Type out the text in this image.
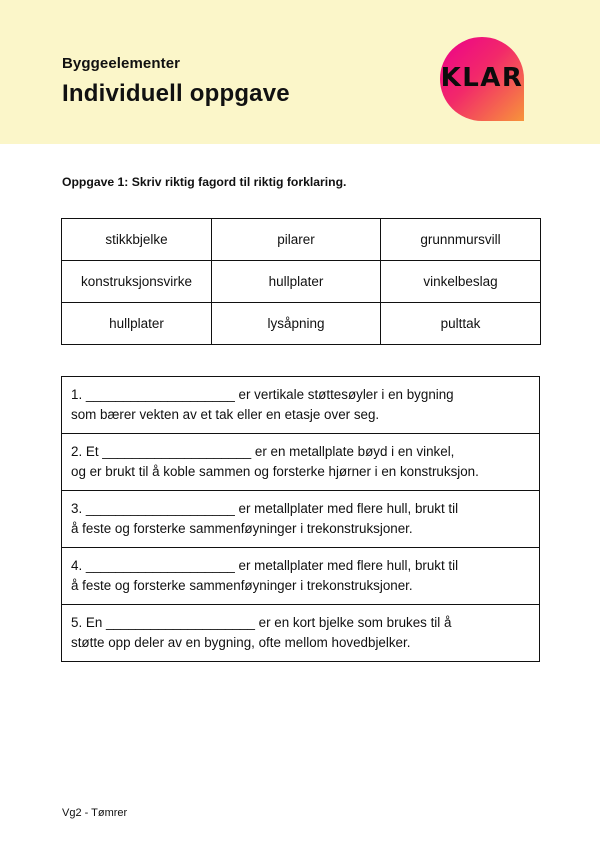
Byggeelementer
Individuell oppgave
KLAR
Oppgave 1: Skriv riktig fagord til riktig forklaring.
stikkbjelke	pilarer	grunnmursvill
konstruksjonsvirke	hullplater	vinkelbeslag
hullplater	lysåpning	pulttak
1. ____________________ er vertikale støttesøyler i en bygning
som bærer vekten av et tak eller en etasje over seg.

2. Et ____________________ er en metallplate bøyd i en vinkel,
og er brukt til å koble sammen og forsterke hjørner i en konstruksjon.

3. ____________________ er metallplater med flere hull, brukt til
å feste og forsterke sammenføyninger i trekonstruksjoner.

4. ____________________ er metallplater med flere hull, brukt til
å feste og forsterke sammenføyninger i trekonstruksjoner.

5. En ____________________ er en kort bjelke som brukes til å
støtte opp deler av en bygning, ofte mellom hovedbjelker.
Vg2 - Tømrer
